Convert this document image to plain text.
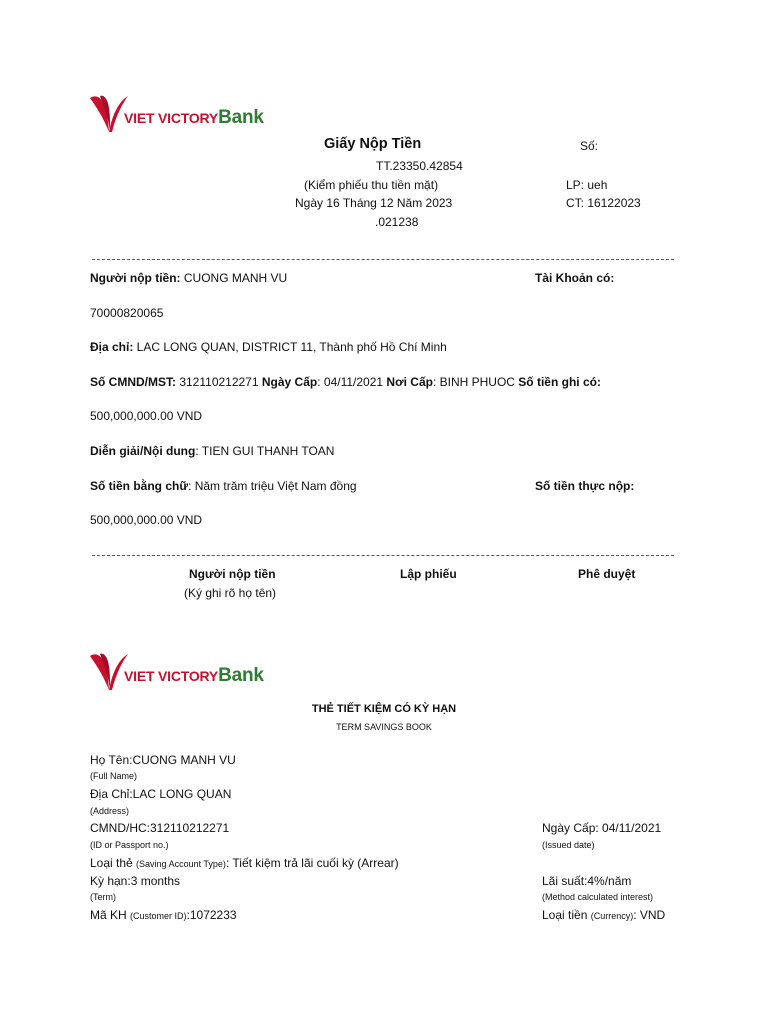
VIET VICTORYBank
Giấy Nộp Tiền
TT.23350.42854
(Kiểm phiếu thu tiền mặt)
Ngày 16 Tháng 12 Năm 2023
.021238
Số:
LP: ueh
CT: 16122023
Người nộp tiền: CUONG MANH VU	Tài Khoản có:
70000820065
Địa chỉ: LAC LONG QUAN, DISTRICT 11, Thành phố Hồ Chí Minh
Số CMND/MST: 312110212271 Ngày Cấp: 04/11/2021 Nơi Cấp: BINH PHUOC Số tiền ghi có:
500,000,000.00 VND
Diễn giải/Nội dung: TIEN GUI THANH TOAN
Số tiền bằng chữ: Năm trăm triệu Việt Nam đồng	Số tiền thực nộp:
500,000,000.00 VND
Người nộp tiền
(Ký ghi rõ họ tên)
Lập phiếu	Phê duyệt
VIET VICTORYBank
THẺ TIẾT KIỆM CÓ KỲ HẠN
TERM SAVINGS BOOK
Họ Tên:CUONG MANH VU
(Full Name)
Địa Chỉ:LAC LONG QUAN
(Address)
CMND/HC:312110212271
(ID or Passport no.)
Ngày Cấp: 04/11/2021
(Issued date)
Loại thẻ (Saving Account Type): Tiết kiệm trả lãi cuối kỳ (Arrear)
Kỳ hạn:3 months
(Term)
Lãi suất:4%/năm
(Method calculated interest)
Mã KH (Customer ID):1072233	Loại tiền (Currency): VND
